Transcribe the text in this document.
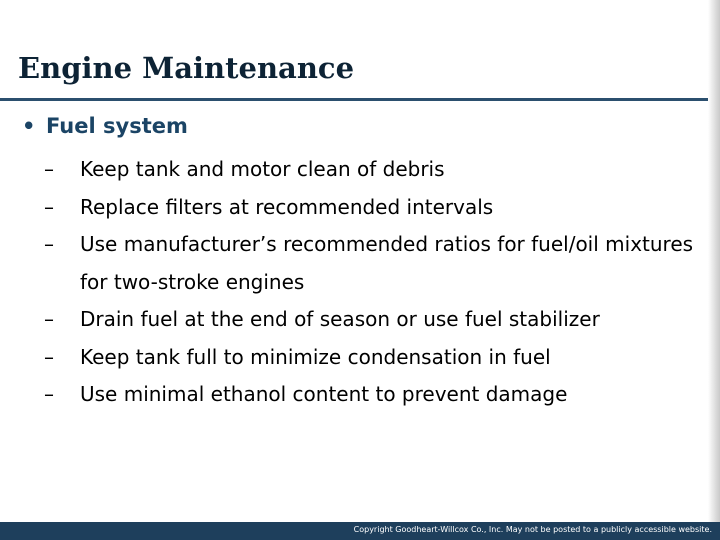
Engine Maintenance
• Fuel system
– Keep tank and motor clean of debris
– Replace filters at recommended intervals
– Use manufacturer’s recommended ratios for fuel/oil mixtures for two-stroke engines
– Drain fuel at the end of season or use fuel stabilizer
– Keep tank full to minimize condensation in fuel
– Use minimal ethanol content to prevent damage
Copyright Goodheart-Willcox Co., Inc. May not be posted to a publicly accessible website.
